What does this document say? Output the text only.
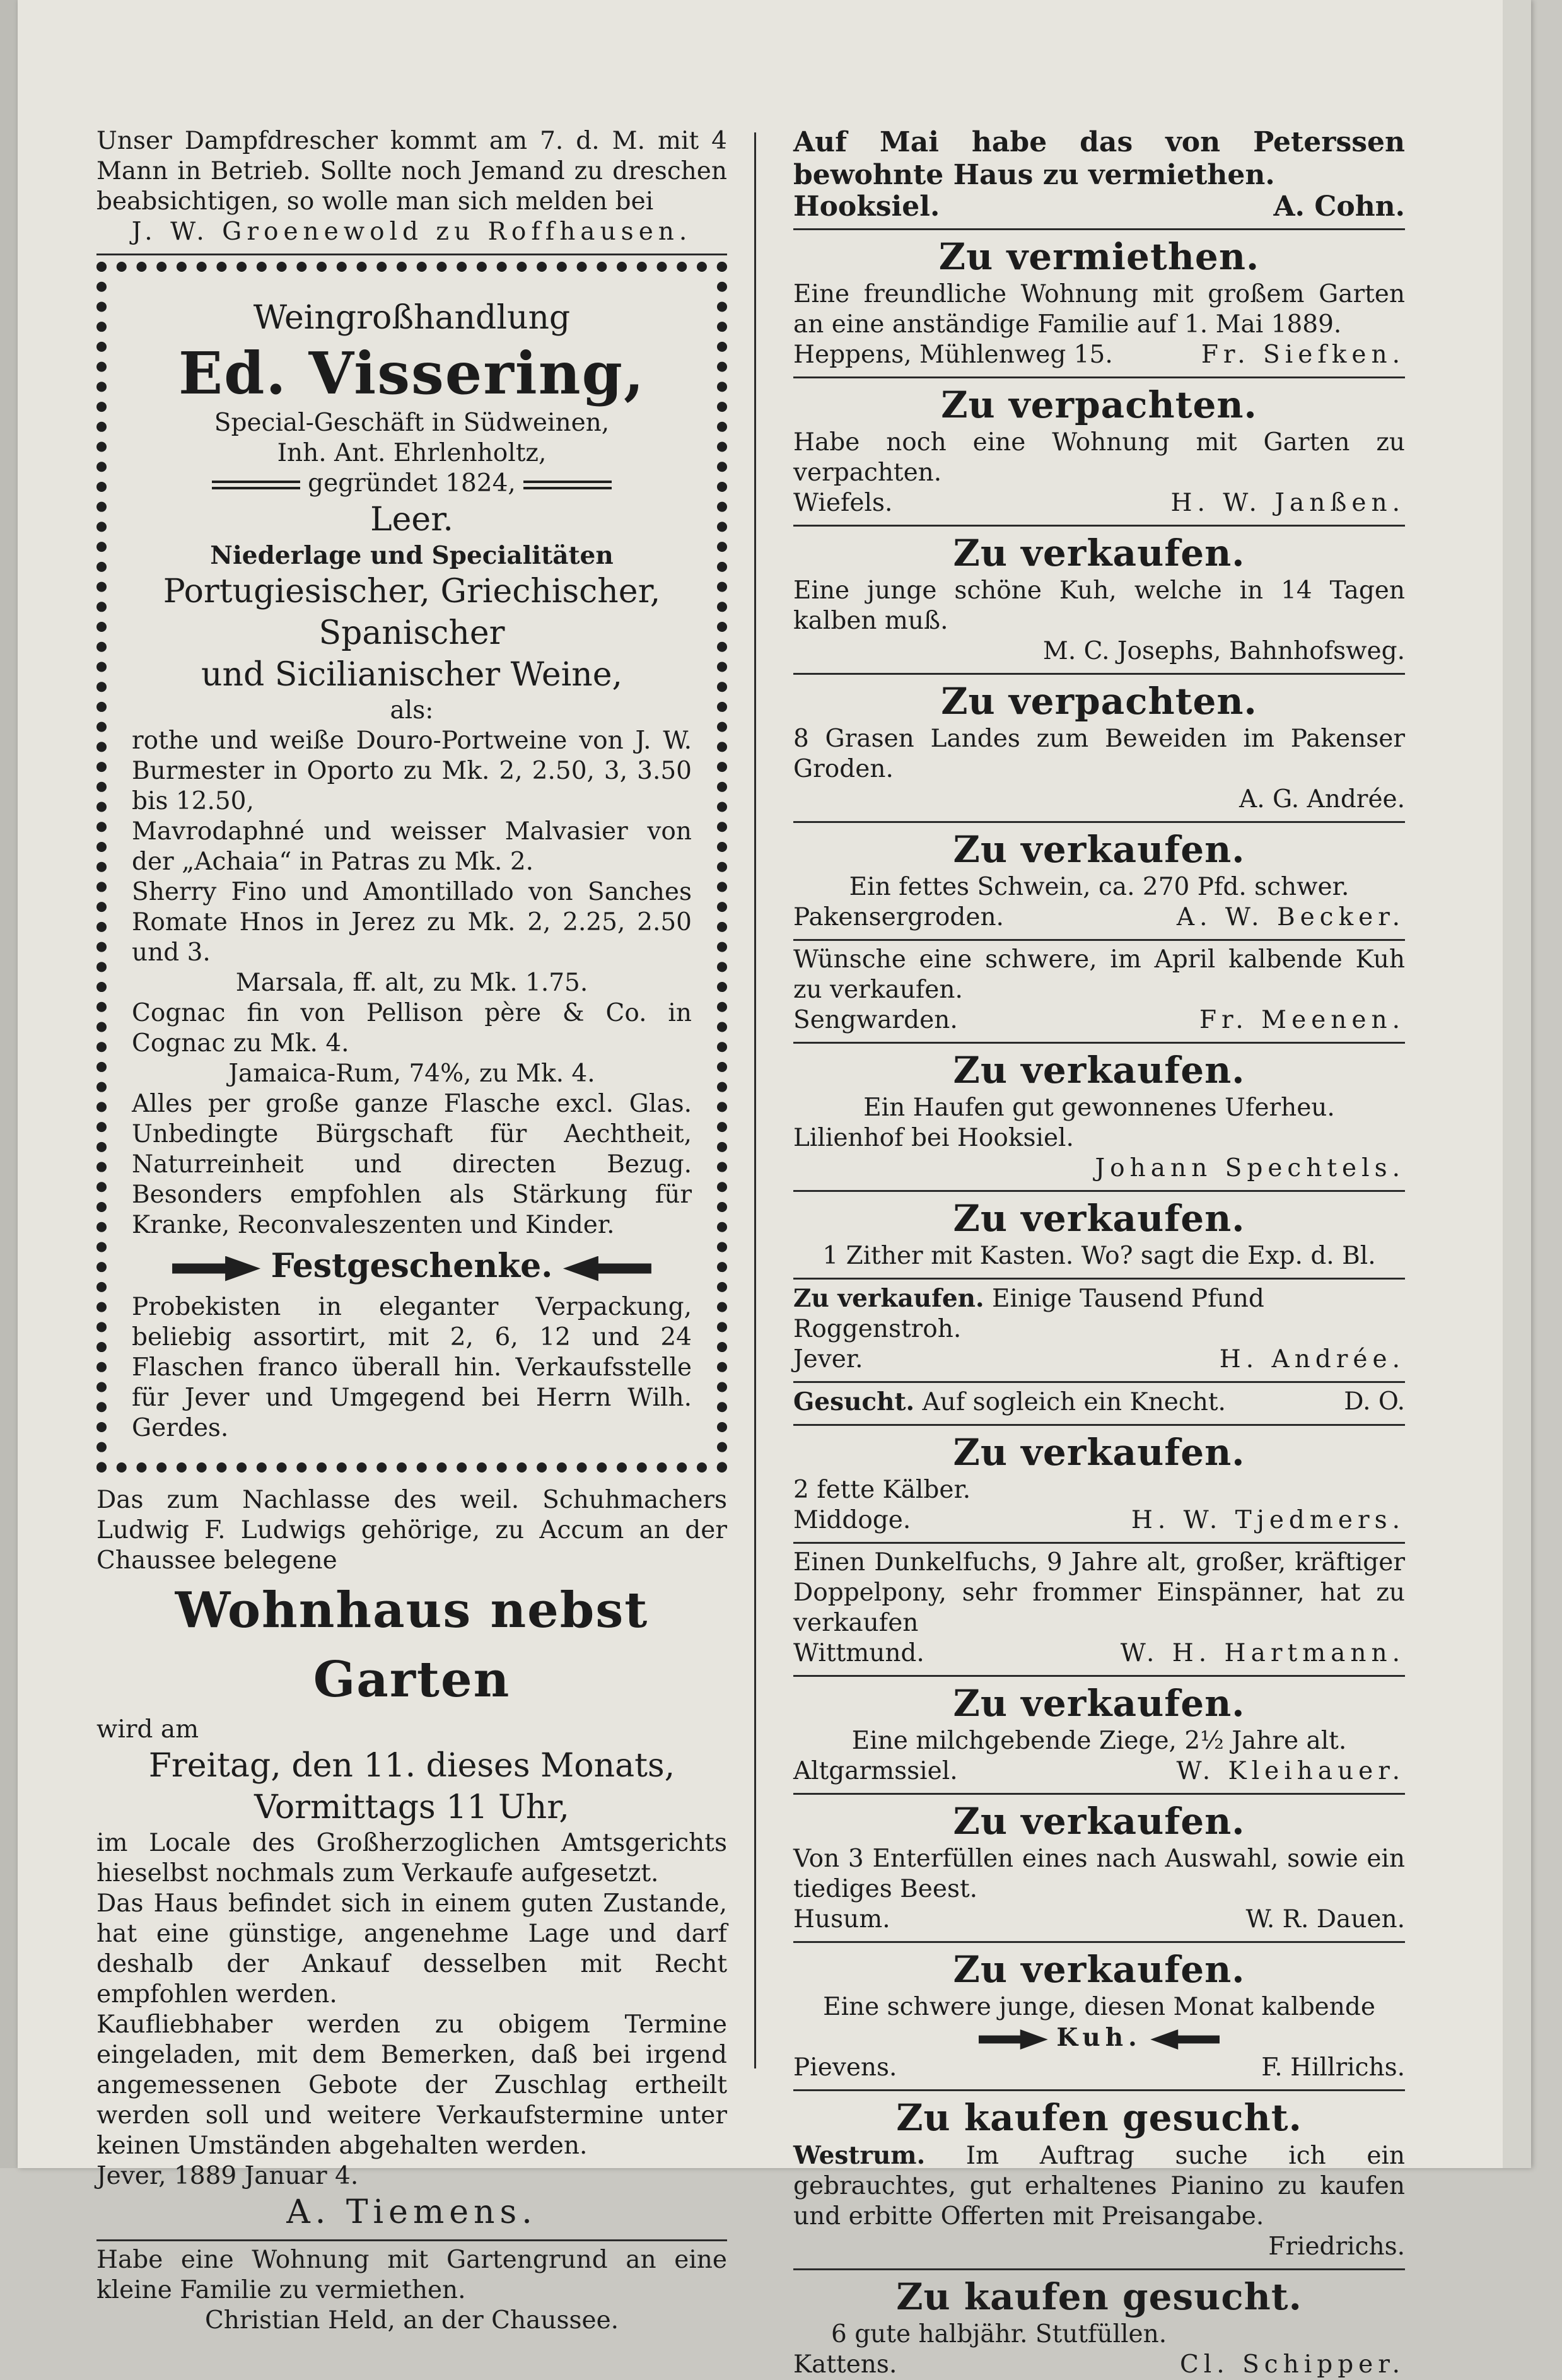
Unser Dampfdrescher kommt am 7. d. M. mit 4 Mann in Betrieb. Sollte noch Jemand zu dreschen beabsichtigen, so wolle man sich melden bei
J. W. Groenewold zu Roffhausen.
Weingroßhandlung
Ed. Vissering,
Special-Geschäft in Südweinen,
Inh. Ant. Ehrlenholtz,
gegründet 1824,
Leer.
Niederlage und Specialitäten
Portugiesischer, Griechischer, Spanischer
und Sicilianischer Weine,
als:
rothe und weiße Douro-Portweine von J. W. Burmester in Oporto zu Mk. 2, 2.50, 3, 3.50 bis 12.50,
Mavrodaphné und weisser Malvasier von der „Achaia“ in Patras zu Mk. 2.
Sherry Fino und Amontillado von Sanches Romate Hnos in Jerez zu Mk. 2, 2.25, 2.50 und 3.
Marsala, ff. alt, zu Mk. 1.75.
Cognac fin von Pellison père & Co. in Cognac zu Mk. 4.
Jamaica-Rum, 74%, zu Mk. 4.
Alles per große ganze Flasche excl. Glas. Unbedingte Bürgschaft für Aechtheit, Naturreinheit und directen Bezug. Besonders empfohlen als Stärkung für Kranke, Reconvaleszenten und Kinder.
Festgeschenke.
Probekisten in eleganter Verpackung, beliebig assortirt, mit 2, 6, 12 und 24 Flaschen franco überall hin. Verkaufsstelle für Jever und Umgegend bei Herrn Wilh. Gerdes.
Das zum Nachlasse des weil. Schuhmachers Ludwig F. Ludwigs gehörige, zu Accum an der Chaussee belegene
Wohnhaus nebst Garten
wird am
Freitag, den 11. dieses Monats,
Vormittags 11 Uhr,
im Locale des Großherzoglichen Amtsgerichts hieselbst nochmals zum Verkaufe aufgesetzt.
Das Haus befindet sich in einem guten Zustande, hat eine günstige, angenehme Lage und darf deshalb der Ankauf desselben mit Recht empfohlen werden.
Kaufliebhaber werden zu obigem Termine eingeladen, mit dem Bemerken, daß bei irgend angemessenen Gebote der Zuschlag ertheilt werden soll und weitere Verkaufstermine unter keinen Umständen abgehalten werden.
Jever, 1889 Januar 4.
A. Tiemens.
Habe eine Wohnung mit Gartengrund an eine kleine Familie zu vermiethen.
Christian Held, an der Chaussee.
Auf Mai habe das von Peterssen bewohnte Haus zu vermiethen.
Hooksiel.	A. Cohn.
Zu vermiethen.
Eine freundliche Wohnung mit großem Garten an eine anständige Familie auf 1. Mai 1889.
Heppens, Mühlenweg 15.	Fr. Siefken.
Zu verpachten.
Habe noch eine Wohnung mit Garten zu verpachten.
Wiefels.	H. W. Janßen.
Zu verkaufen.
Eine junge schöne Kuh, welche in 14 Tagen kalben muß.
M. C. Josephs, Bahnhofsweg.
Zu verpachten.
8 Grasen Landes zum Beweiden im Pakenser Groden.
A. G. Andrée.
Zu verkaufen.
Ein fettes Schwein, ca. 270 Pfd. schwer.
Pakensergroden.	A. W. Becker.
Wünsche eine schwere, im April kalbende Kuh zu verkaufen.
Sengwarden.	Fr. Meenen.
Zu verkaufen.
Ein Haufen gut gewonnenes Uferheu.
Lilienhof bei Hooksiel.
Johann Spechtels.
Zu verkaufen.
1 Zither mit Kasten. Wo? sagt die Exp. d. Bl.
Zu verkaufen. Einige Tausend Pfund Roggenstroh.
Jever.	H. Andrée.
Gesucht. Auf sogleich ein Knecht.	D. O.
Zu verkaufen.
2 fette Kälber.
Middoge.	H. W. Tjedmers.
Einen Dunkelfuchs, 9 Jahre alt, großer, kräftiger Doppelpony, sehr frommer Einspänner, hat zu verkaufen
Wittmund.	W. H. Hartmann.
Zu verkaufen.
Eine milchgebende Ziege, 2½ Jahre alt.
Altgarmssiel.	W. Kleihauer.
Zu verkaufen.
Von 3 Enterfüllen eines nach Auswahl, sowie ein tiediges Beest.
Husum.	W. R. Dauen.
Zu verkaufen.
Eine schwere junge, diesen Monat kalbende
Kuh.
Pievens.	F. Hillrichs.
Zu kaufen gesucht.
Westrum. Im Auftrag suche ich ein gebrauchtes, gut erhaltenes Pianino zu kaufen und erbitte Offerten mit Preisangabe.
Friedrichs.
Zu kaufen gesucht.
6 gute halbjähr. Stutfüllen.
Kattens.	Cl. Schipper.
